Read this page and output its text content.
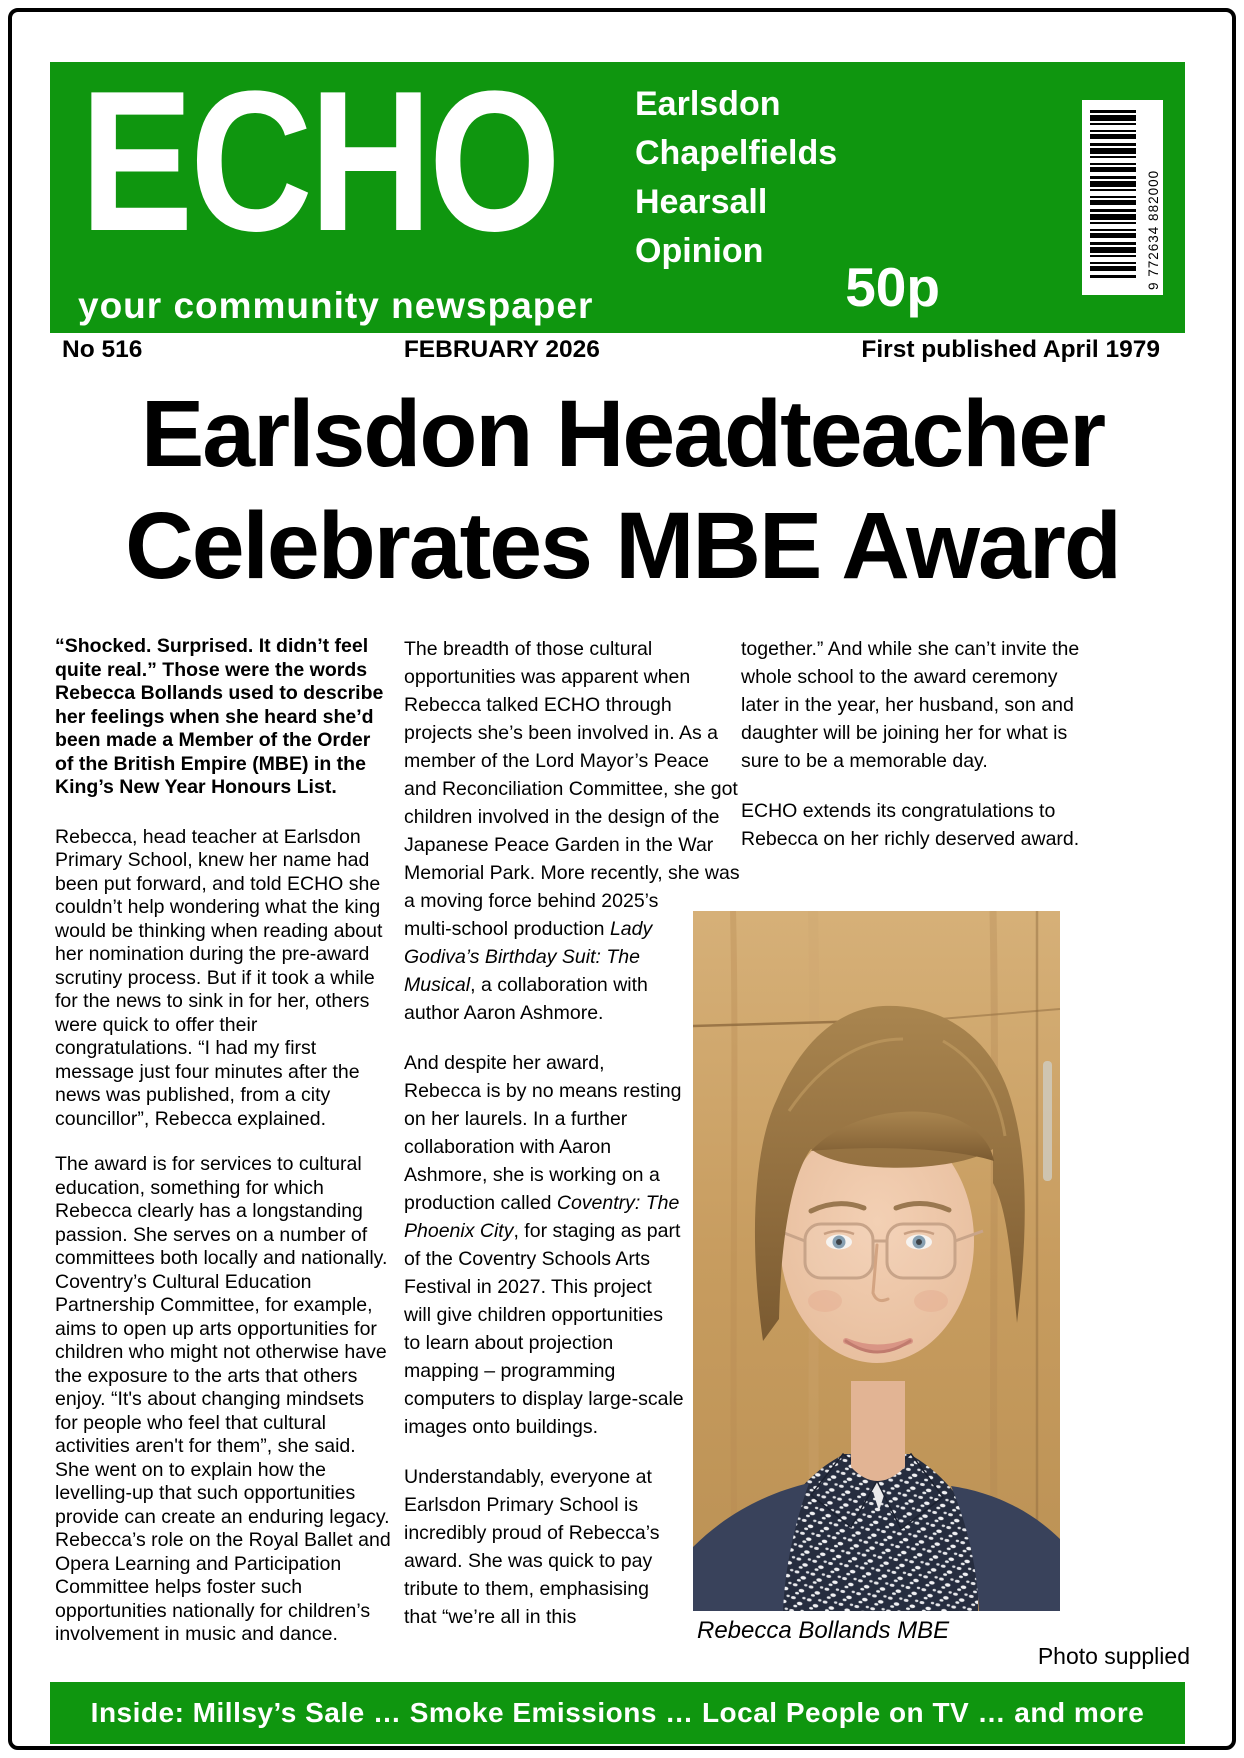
ECHO
your community newspaper
Earlsdon
Chapelfields
Hearsall
Opinion
50p	9 772634 882000
No 516	FEBRUARY 2026	First published April 1979
Earlsdon Headteacher
Celebrates MBE Award

“Shocked. Surprised. It didn’t feel quite real.” Those were the words Rebecca Bollands used to describe her feelings when she heard she’d been made a Member of the Order of the British Empire (MBE) in the King’s New Year Honours List.

Rebecca, head teacher at Earlsdon Primary School, knew her name had been put forward, and told ECHO she couldn’t help wondering what the king would be thinking when reading about her nomination during the pre-award scrutiny process. But if it took a while for the news to sink in for her, others were quick to offer their congratulations. “I had my first message just four minutes after the news was published, from a city councillor”, Rebecca explained.

The award is for services to cultural education, something for which Rebecca clearly has a longstanding passion. She serves on a number of committees both locally and nationally. Coventry’s Cultural Education Partnership Committee, for example, aims to open up arts opportunities for children who might not otherwise have the exposure to the arts that others enjoy. “It's about changing mindsets for people who feel that cultural activities aren't for them”, she said. She went on to explain how the levelling-up that such opportunities provide can create an enduring legacy. Rebecca’s role on the Royal Ballet and Opera Learning and Participation Committee helps foster such opportunities nationally for children’s involvement in music and dance.

The breadth of those cultural opportunities was apparent when Rebecca talked ECHO through projects she’s been involved in. As a member of the Lord Mayor’s Peace and Reconciliation Committee, she got children involved in the design of the Japanese Peace Garden in the War Memorial Park. More recently, she was a moving force behind 2025’s multi-school production Lady Godiva’s Birthday Suit: The Musical, a collaboration with author Aaron Ashmore.

And despite her award, Rebecca is by no means resting on her laurels. In a further collaboration with Aaron Ashmore, she is working on a production called Coventry: The Phoenix City, for staging as part of the Coventry Schools Arts Festival in 2027. This project will give children opportunities to learn about projection mapping – programming computers to display large-scale images onto buildings.

Understandably, everyone at Earlsdon Primary School is incredibly proud of Rebecca’s award. She was quick to pay tribute to them, emphasising that “we’re all in this

together.” And while she can’t invite the whole school to the award ceremony later in the year, her husband, son and daughter will be joining her for what is sure to be a memorable day.

ECHO extends its congratulations to Rebecca on her richly deserved award.

Rebecca Bollands MBE
Photo supplied
Inside: Millsy’s Sale … Smoke Emissions … Local People on TV … and more
